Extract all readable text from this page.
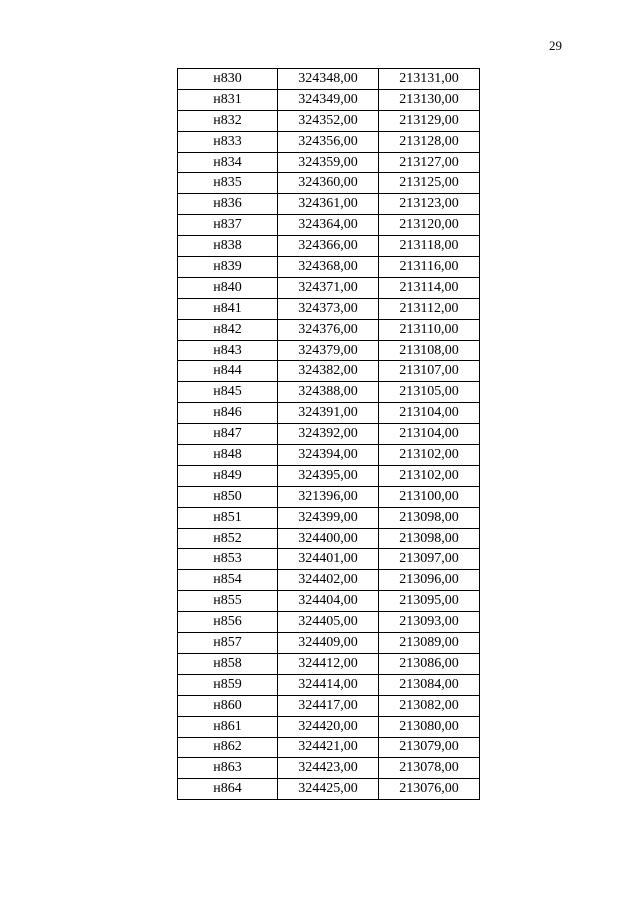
29
н830	324348,00	213131,00
н831	324349,00	213130,00
н832	324352,00	213129,00
н833	324356,00	213128,00
н834	324359,00	213127,00
н835	324360,00	213125,00
н836	324361,00	213123,00
н837	324364,00	213120,00
н838	324366,00	213118,00
н839	324368,00	213116,00
н840	324371,00	213114,00
н841	324373,00	213112,00
н842	324376,00	213110,00
н843	324379,00	213108,00
н844	324382,00	213107,00
н845	324388,00	213105,00
н846	324391,00	213104,00
н847	324392,00	213104,00
н848	324394,00	213102,00
н849	324395,00	213102,00
н850	321396,00	213100,00
н851	324399,00	213098,00
н852	324400,00	213098,00
н853	324401,00	213097,00
н854	324402,00	213096,00
н855	324404,00	213095,00
н856	324405,00	213093,00
н857	324409,00	213089,00
н858	324412,00	213086,00
н859	324414,00	213084,00
н860	324417,00	213082,00
н861	324420,00	213080,00
н862	324421,00	213079,00
н863	324423,00	213078,00
н864	324425,00	213076,00
